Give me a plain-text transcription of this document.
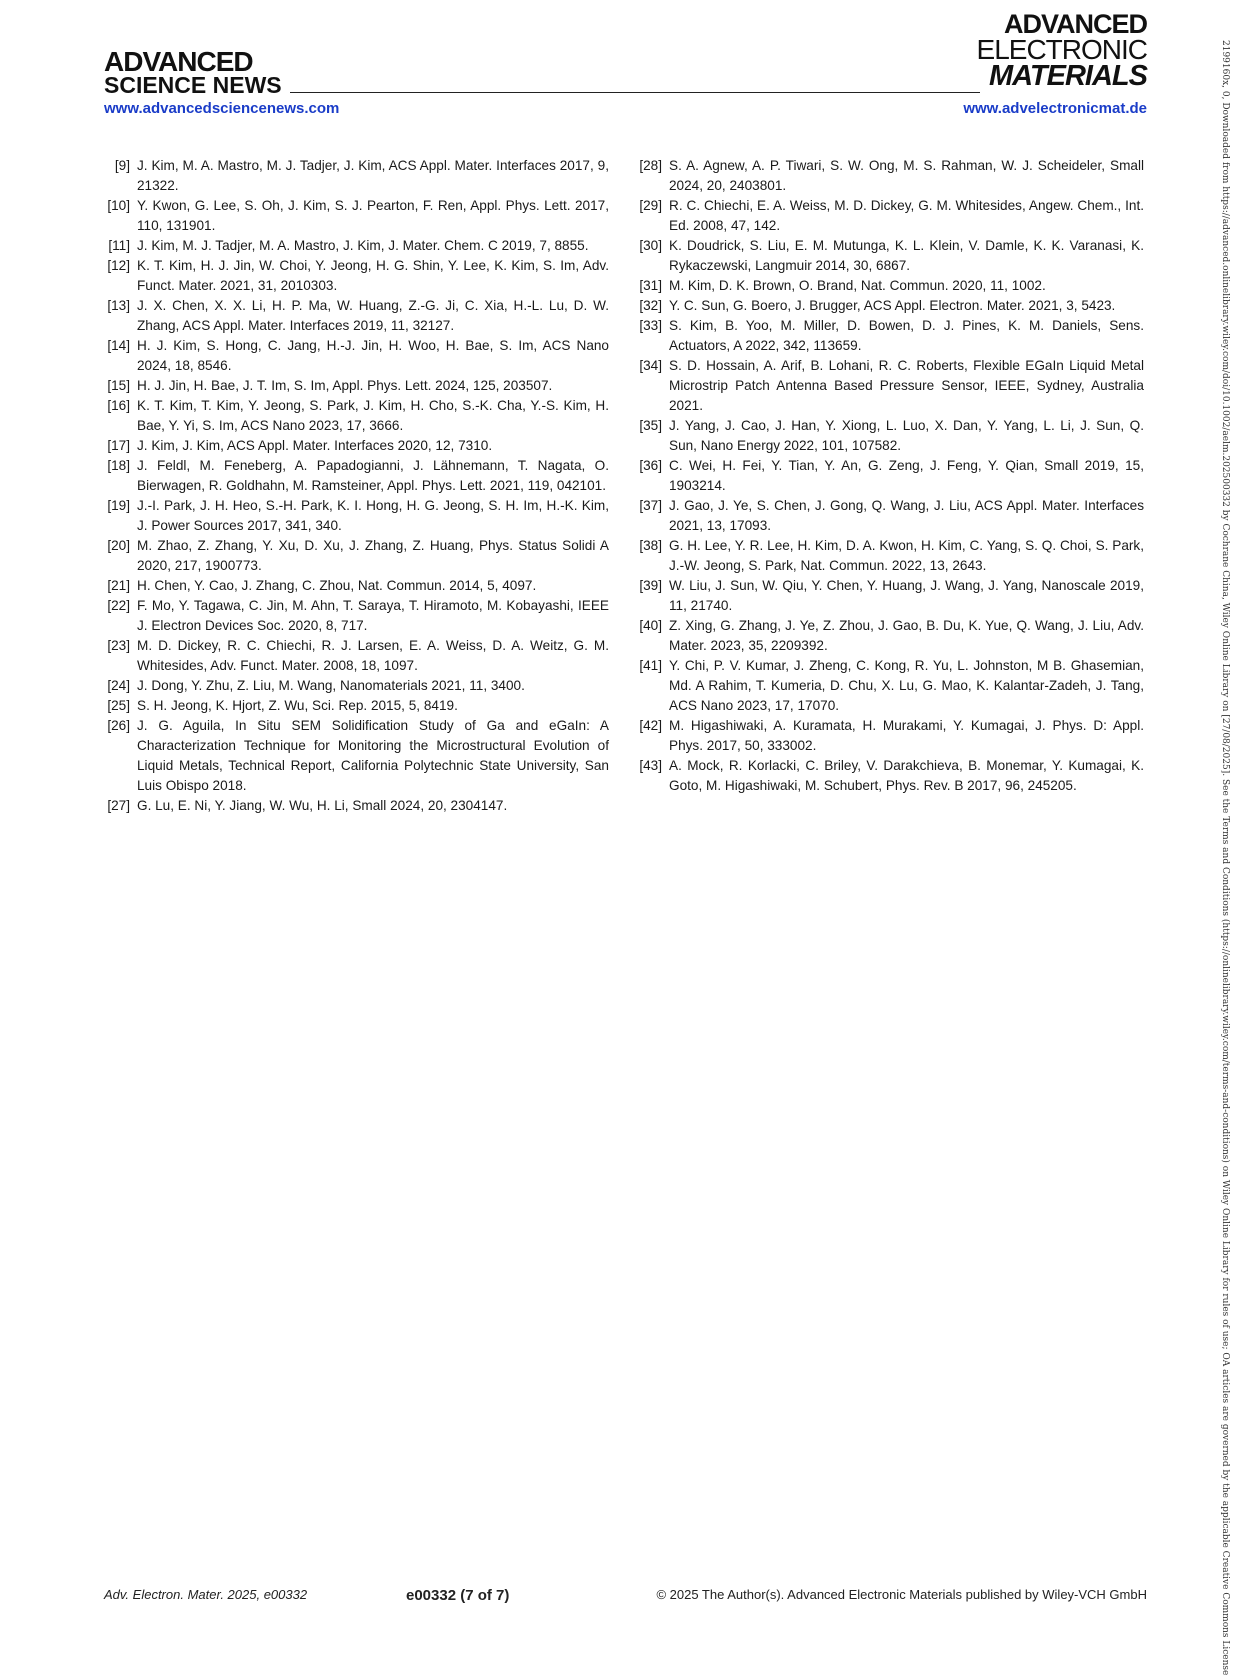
ADVANCED
SCIENCE NEWS
ADVANCED
ELECTRONIC
MATERIALS
www.advancedsciencenews.com	www.advelectronicmat.de
[9] J. Kim, M. A. Mastro, M. J. Tadjer, J. Kim, ACS Appl. Mater. Interfaces 2017, 9, 21322.
[10] Y. Kwon, G. Lee, S. Oh, J. Kim, S. J. Pearton, F. Ren, Appl. Phys. Lett. 2017, 110, 131901.
[11] J. Kim, M. J. Tadjer, M. A. Mastro, J. Kim, J. Mater. Chem. C 2019, 7, 8855.
[12] K. T. Kim, H. J. Jin, W. Choi, Y. Jeong, H. G. Shin, Y. Lee, K. Kim, S. Im, Adv. Funct. Mater. 2021, 31, 2010303.
[13] J. X. Chen, X. X. Li, H. P. Ma, W. Huang, Z.-G. Ji, C. Xia, H.-L. Lu, D. W. Zhang, ACS Appl. Mater. Interfaces 2019, 11, 32127.
[14] H. J. Kim, S. Hong, C. Jang, H.-J. Jin, H. Woo, H. Bae, S. Im, ACS Nano 2024, 18, 8546.
[15] H. J. Jin, H. Bae, J. T. Im, S. Im, Appl. Phys. Lett. 2024, 125, 203507.
[16] K. T. Kim, T. Kim, Y. Jeong, S. Park, J. Kim, H. Cho, S.-K. Cha, Y.-S. Kim, H. Bae, Y. Yi, S. Im, ACS Nano 2023, 17, 3666.
[17] J. Kim, J. Kim, ACS Appl. Mater. Interfaces 2020, 12, 7310.
[18] J. Feldl, M. Feneberg, A. Papadogianni, J. Lähnemann, T. Nagata, O. Bierwagen, R. Goldhahn, M. Ramsteiner, Appl. Phys. Lett. 2021, 119, 042101.
[19] J.-I. Park, J. H. Heo, S.-H. Park, K. I. Hong, H. G. Jeong, S. H. Im, H.-K. Kim, J. Power Sources 2017, 341, 340.
[20] M. Zhao, Z. Zhang, Y. Xu, D. Xu, J. Zhang, Z. Huang, Phys. Status Solidi A 2020, 217, 1900773.
[21] H. Chen, Y. Cao, J. Zhang, C. Zhou, Nat. Commun. 2014, 5, 4097.
[22] F. Mo, Y. Tagawa, C. Jin, M. Ahn, T. Saraya, T. Hiramoto, M. Kobayashi, IEEE J. Electron Devices Soc. 2020, 8, 717.
[23] M. D. Dickey, R. C. Chiechi, R. J. Larsen, E. A. Weiss, D. A. Weitz, G. M. Whitesides, Adv. Funct. Mater. 2008, 18, 1097.
[24] J. Dong, Y. Zhu, Z. Liu, M. Wang, Nanomaterials 2021, 11, 3400.
[25] S. H. Jeong, K. Hjort, Z. Wu, Sci. Rep. 2015, 5, 8419.
[26] J. G. Aguila, In Situ SEM Solidification Study of Ga and eGaIn: A Characterization Technique for Monitoring the Microstructural Evolution of Liquid Metals, Technical Report, California Polytechnic State University, San Luis Obispo 2018.
[27] G. Lu, E. Ni, Y. Jiang, W. Wu, H. Li, Small 2024, 20, 2304147.
[28] S. A. Agnew, A. P. Tiwari, S. W. Ong, M. S. Rahman, W. J. Scheideler, Small 2024, 20, 2403801.
[29] R. C. Chiechi, E. A. Weiss, M. D. Dickey, G. M. Whitesides, Angew. Chem., Int. Ed. 2008, 47, 142.
[30] K. Doudrick, S. Liu, E. M. Mutunga, K. L. Klein, V. Damle, K. K. Varanasi, K. Rykaczewski, Langmuir 2014, 30, 6867.
[31] M. Kim, D. K. Brown, O. Brand, Nat. Commun. 2020, 11, 1002.
[32] Y. C. Sun, G. Boero, J. Brugger, ACS Appl. Electron. Mater. 2021, 3, 5423.
[33] S. Kim, B. Yoo, M. Miller, D. Bowen, D. J. Pines, K. M. Daniels, Sens. Actuators, A 2022, 342, 113659.
[34] S. D. Hossain, A. Arif, B. Lohani, R. C. Roberts, Flexible EGaIn Liquid Metal Microstrip Patch Antenna Based Pressure Sensor, IEEE, Sydney, Australia 2021.
[35] J. Yang, J. Cao, J. Han, Y. Xiong, L. Luo, X. Dan, Y. Yang, L. Li, J. Sun, Q. Sun, Nano Energy 2022, 101, 107582.
[36] C. Wei, H. Fei, Y. Tian, Y. An, G. Zeng, J. Feng, Y. Qian, Small 2019, 15, 1903214.
[37] J. Gao, J. Ye, S. Chen, J. Gong, Q. Wang, J. Liu, ACS Appl. Mater. Interfaces 2021, 13, 17093.
[38] G. H. Lee, Y. R. Lee, H. Kim, D. A. Kwon, H. Kim, C. Yang, S. Q. Choi, S. Park, J.-W. Jeong, S. Park, Nat. Commun. 2022, 13, 2643.
[39] W. Liu, J. Sun, W. Qiu, Y. Chen, Y. Huang, J. Wang, J. Yang, Nanoscale 2019, 11, 21740.
[40] Z. Xing, G. Zhang, J. Ye, Z. Zhou, J. Gao, B. Du, K. Yue, Q. Wang, J. Liu, Adv. Mater. 2023, 35, 2209392.
[41] Y. Chi, P. V. Kumar, J. Zheng, C. Kong, R. Yu, L. Johnston, M B. Ghasemian, Md. A Rahim, T. Kumeria, D. Chu, X. Lu, G. Mao, K. Kalantar-Zadeh, J. Tang, ACS Nano 2023, 17, 17070.
[42] M. Higashiwaki, A. Kuramata, H. Murakami, Y. Kumagai, J. Phys. D: Appl. Phys. 2017, 50, 333002.
[43] A. Mock, R. Korlacki, C. Briley, V. Darakchieva, B. Monemar, Y. Kumagai, K. Goto, M. Higashiwaki, M. Schubert, Phys. Rev. B 2017, 96, 245205.
Adv. Electron. Mater. 2025, e00332	e00332 (7 of 7)	© 2025 The Author(s). Advanced Electronic Materials published by Wiley-VCH GmbH	2199160x, 0, Downloaded from https://advanced.onlinelibrary.wiley.com/doi/10.1002/aelm.202500332 by Cochrane China, Wiley Online Library on [27/08/2025]. See the Terms and Conditions (https://onlinelibrary.wiley.com/terms-and-conditions) on Wiley Online Library for rules of use; OA articles are governed by the applicable Creative Commons License
